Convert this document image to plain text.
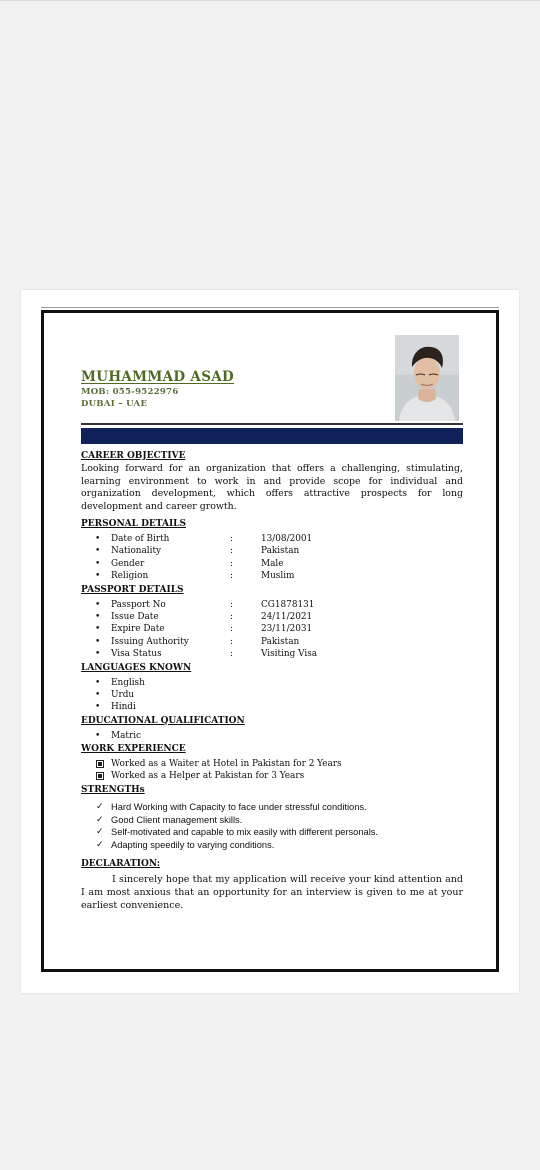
MUHAMMAD ASAD
MOB: 055-9522976
DUBAI – UAE
CAREER OBJECTIVE

Looking forward for an organization that offers a challenging, stimulating, learning environment to work in and provide scope for individual and organization development, which offers attractive prospects for long development and career growth.

PERSONAL DETAILS
• Date of Birth	:	13/08/2001
• Nationality	:	Pakistan
• Gender	:	Male
• Religion	:	Muslim
PASSPORT DETAILS
• Passport No	:	CG1878131
• Issue Date	:	24/11/2021
• Expire Date	:	23/11/2031
• Issuing Authority	:	Pakistan
• Visa Status	:	Visiting Visa
LANGUAGES KNOWN
• English
• Urdu
• Hindi
EDUCATIONAL QUALIFICATION
• Matric
WORK EXPERIENCE
Worked as a Waiter at Hotel in Pakistan for 2 Years
Worked as a Helper at Pakistan for 3 Years
STRENGTHs
✓ Hard Working with Capacity to face under stressful conditions.
✓ Good Client management skills.
✓ Self-motivated and capable to mix easily with different personals.
✓ Adapting speedily to varying conditions.
DECLARATION:

I sincerely hope that my application will receive your kind attention and I am most anxious that an opportunity for an interview is given to me at your earliest convenience.
